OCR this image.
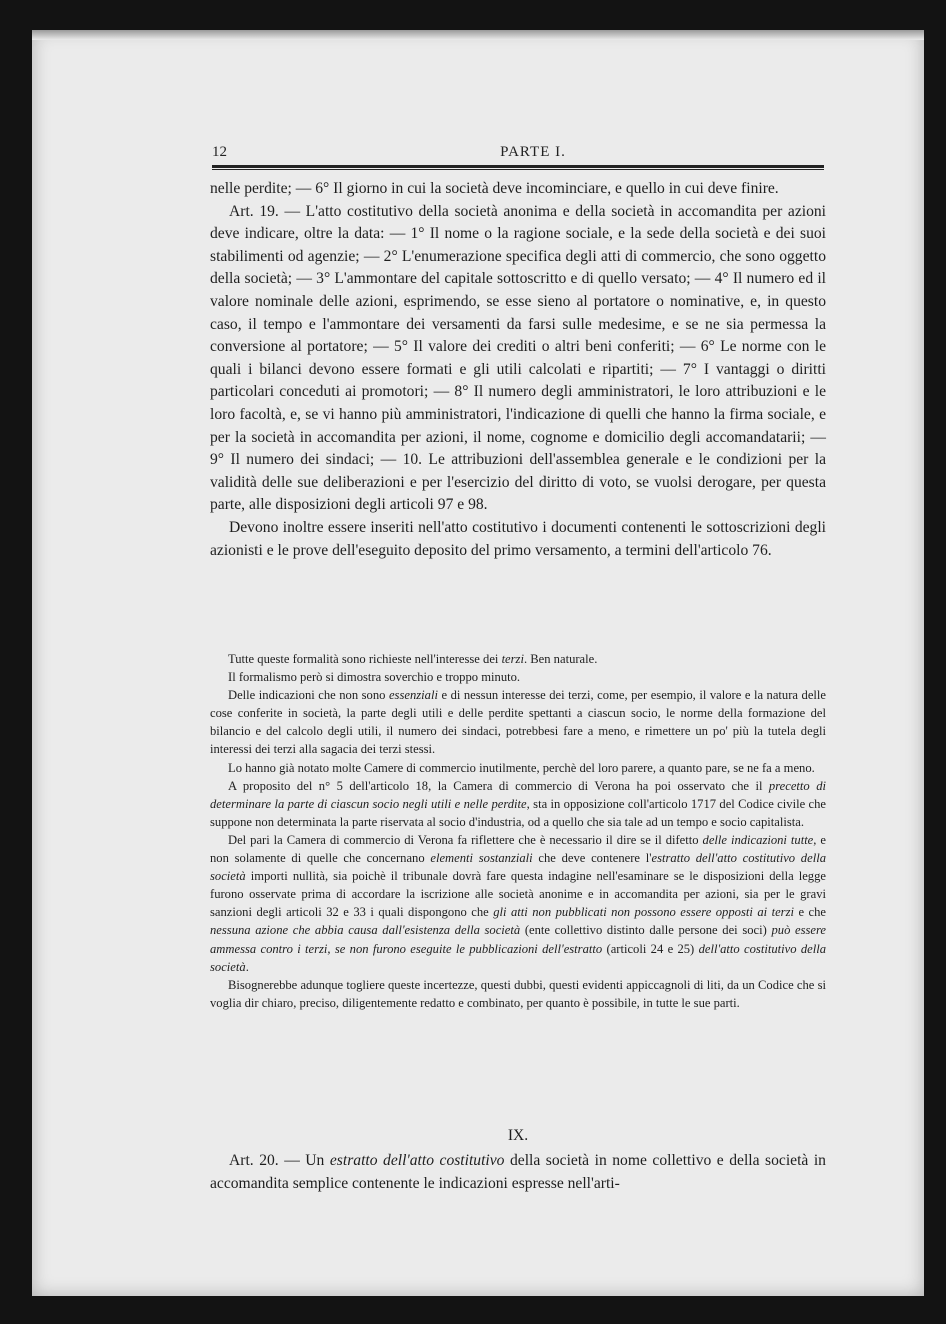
12	PARTE I.

nelle perdite; — 6° Il giorno in cui la società deve incominciare, e quello in cui deve finire.

Art. 19. — L'atto costitutivo della società anonima e della società in accomandita per azioni deve indicare, oltre la data: — 1° Il nome o la ragione sociale, e la sede della società e dei suoi stabilimenti od agenzie; — 2° L'enumerazione specifica degli atti di commercio, che sono oggetto della società; — 3° L'ammontare del capitale sottoscritto e di quello versato; — 4° Il numero ed il valore nominale delle azioni, esprimendo, se esse sieno al portatore o nominative, e, in questo caso, il tempo e l'ammontare dei versamenti da farsi sulle medesime, e se ne sia permessa la conversione al portatore; — 5° Il valore dei crediti o altri beni conferiti; — 6° Le norme con le quali i bilanci devono essere formati e gli utili calcolati e ripartiti; — 7° I vantaggi o diritti particolari conceduti ai promotori; — 8° Il numero degli amministratori, le loro attribuzioni e le loro facoltà, e, se vi hanno più amministratori, l'indicazione di quelli che hanno la firma sociale, e per la società in accomandita per azioni, il nome, cognome e domicilio degli accomandatarii; — 9° Il numero dei sindaci; — 10. Le attribuzioni dell'assemblea generale e le condizioni per la validità delle sue deliberazioni e per l'esercizio del diritto di voto, se vuolsi derogare, per questa parte, alle disposizioni degli articoli 97 e 98.

Devono inoltre essere inseriti nell'atto costitutivo i documenti contenenti le sottoscrizioni degli azionisti e le prove dell'eseguito deposito del primo versamento, a termini dell'articolo 76.

Tutte queste formalità sono richieste nell'interesse dei terzi. Ben naturale.

Il formalismo però si dimostra soverchio e troppo minuto.

Delle indicazioni che non sono essenziali e di nessun interesse dei terzi, come, per esempio, il valore e la natura delle cose conferite in società, la parte degli utili e delle perdite spettanti a ciascun socio, le norme della formazione del bilancio e del calcolo degli utili, il numero dei sindaci, potrebbesi fare a meno, e rimettere un po' più la tutela degli interessi dei terzi alla sagacia dei terzi stessi.

Lo hanno già notato molte Camere di commercio inutilmente, perchè del loro parere, a quanto pare, se ne fa a meno.

A proposito del n° 5 dell'articolo 18, la Camera di commercio di Verona ha poi osservato che il precetto di determinare la parte di ciascun socio negli utili e nelle perdite, sta in opposizione coll'articolo 1717 del Codice civile che suppone non determinata la parte riservata al socio d'industria, od a quello che sia tale ad un tempo e socio capitalista.

Del pari la Camera di commercio di Verona fa riflettere che è necessario il dire se il difetto delle indicazioni tutte, e non solamente di quelle che concernano elementi sostanziali che deve contenere l'estratto dell'atto costitutivo della società importi nullità, sia poichè il tribunale dovrà fare questa indagine nell'esaminare se le disposizioni della legge furono osservate prima di accordare la iscrizione alle società anonime e in accomandita per azioni, sia per le gravi sanzioni degli articoli 32 e 33 i quali dispongono che gli atti non pubblicati non possono essere opposti ai terzi e che nessuna azione che abbia causa dall'esistenza della società (ente collettivo distinto dalle persone dei soci) può essere ammessa contro i terzi, se non furono eseguite le pubblicazioni dell'estratto (articoli 24 e 25) dell'atto costitutivo della società.

Bisognerebbe adunque togliere queste incertezze, questi dubbi, questi evidenti appiccagnoli di liti, da un Codice che si voglia dir chiaro, preciso, diligentemente redatto e combinato, per quanto è possibile, in tutte le sue parti.

IX.

Art. 20. — Un estratto dell'atto costitutivo della società in nome collettivo e della società in accomandita semplice contenente le indicazioni espresse nell'arti-
